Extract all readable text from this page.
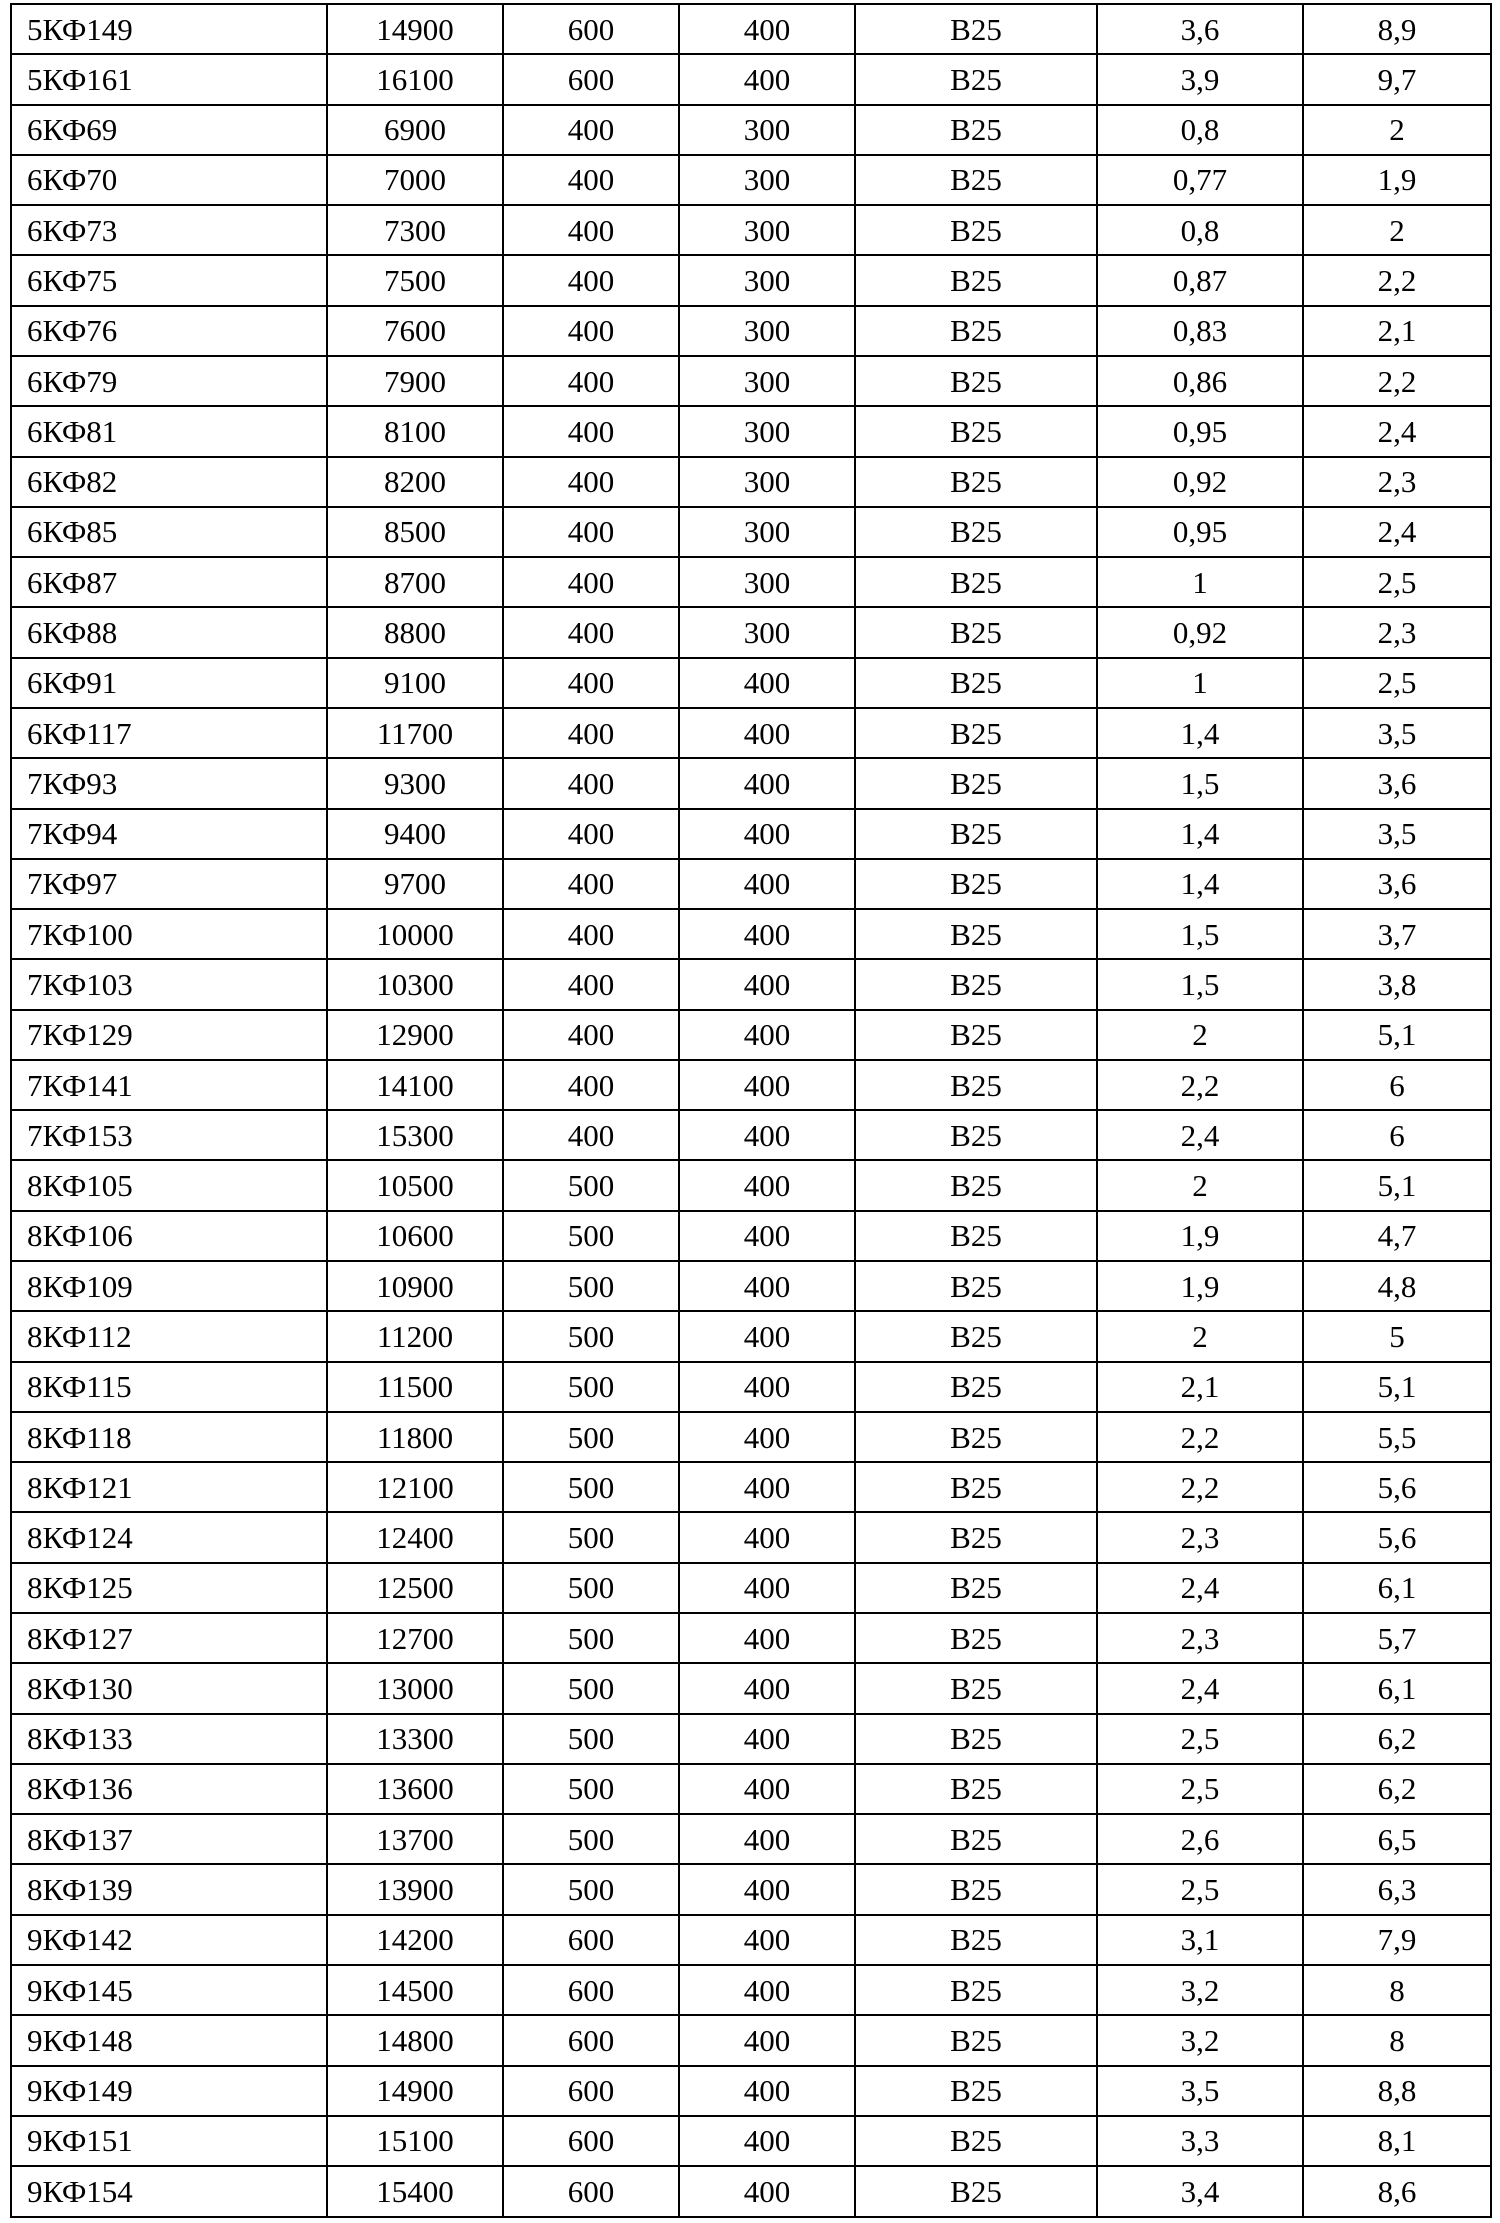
5КФ149	14900	600	400	B25	3,6	8,9
5КФ161	16100	600	400	B25	3,9	9,7
6КФ69	6900	400	300	B25	0,8	2
6КФ70	7000	400	300	B25	0,77	1,9
6КФ73	7300	400	300	B25	0,8	2
6КФ75	7500	400	300	B25	0,87	2,2
6КФ76	7600	400	300	B25	0,83	2,1
6КФ79	7900	400	300	B25	0,86	2,2
6КФ81	8100	400	300	B25	0,95	2,4
6КФ82	8200	400	300	B25	0,92	2,3
6КФ85	8500	400	300	B25	0,95	2,4
6КФ87	8700	400	300	B25	1	2,5
6КФ88	8800	400	300	B25	0,92	2,3
6КФ91	9100	400	400	B25	1	2,5
6КФ117	11700	400	400	B25	1,4	3,5
7КФ93	9300	400	400	B25	1,5	3,6
7КФ94	9400	400	400	B25	1,4	3,5
7КФ97	9700	400	400	B25	1,4	3,6
7КФ100	10000	400	400	B25	1,5	3,7
7КФ103	10300	400	400	B25	1,5	3,8
7КФ129	12900	400	400	B25	2	5,1
7КФ141	14100	400	400	B25	2,2	6
7КФ153	15300	400	400	B25	2,4	6
8КФ105	10500	500	400	B25	2	5,1
8КФ106	10600	500	400	B25	1,9	4,7
8КФ109	10900	500	400	B25	1,9	4,8
8КФ112	11200	500	400	B25	2	5
8КФ115	11500	500	400	B25	2,1	5,1
8КФ118	11800	500	400	B25	2,2	5,5
8КФ121	12100	500	400	B25	2,2	5,6
8КФ124	12400	500	400	B25	2,3	5,6
8КФ125	12500	500	400	B25	2,4	6,1
8КФ127	12700	500	400	B25	2,3	5,7
8КФ130	13000	500	400	B25	2,4	6,1
8КФ133	13300	500	400	B25	2,5	6,2
8КФ136	13600	500	400	B25	2,5	6,2
8КФ137	13700	500	400	B25	2,6	6,5
8КФ139	13900	500	400	B25	2,5	6,3
9КФ142	14200	600	400	B25	3,1	7,9
9КФ145	14500	600	400	B25	3,2	8
9КФ148	14800	600	400	B25	3,2	8
9КФ149	14900	600	400	B25	3,5	8,8
9КФ151	15100	600	400	B25	3,3	8,1
9КФ154	15400	600	400	B25	3,4	8,6
